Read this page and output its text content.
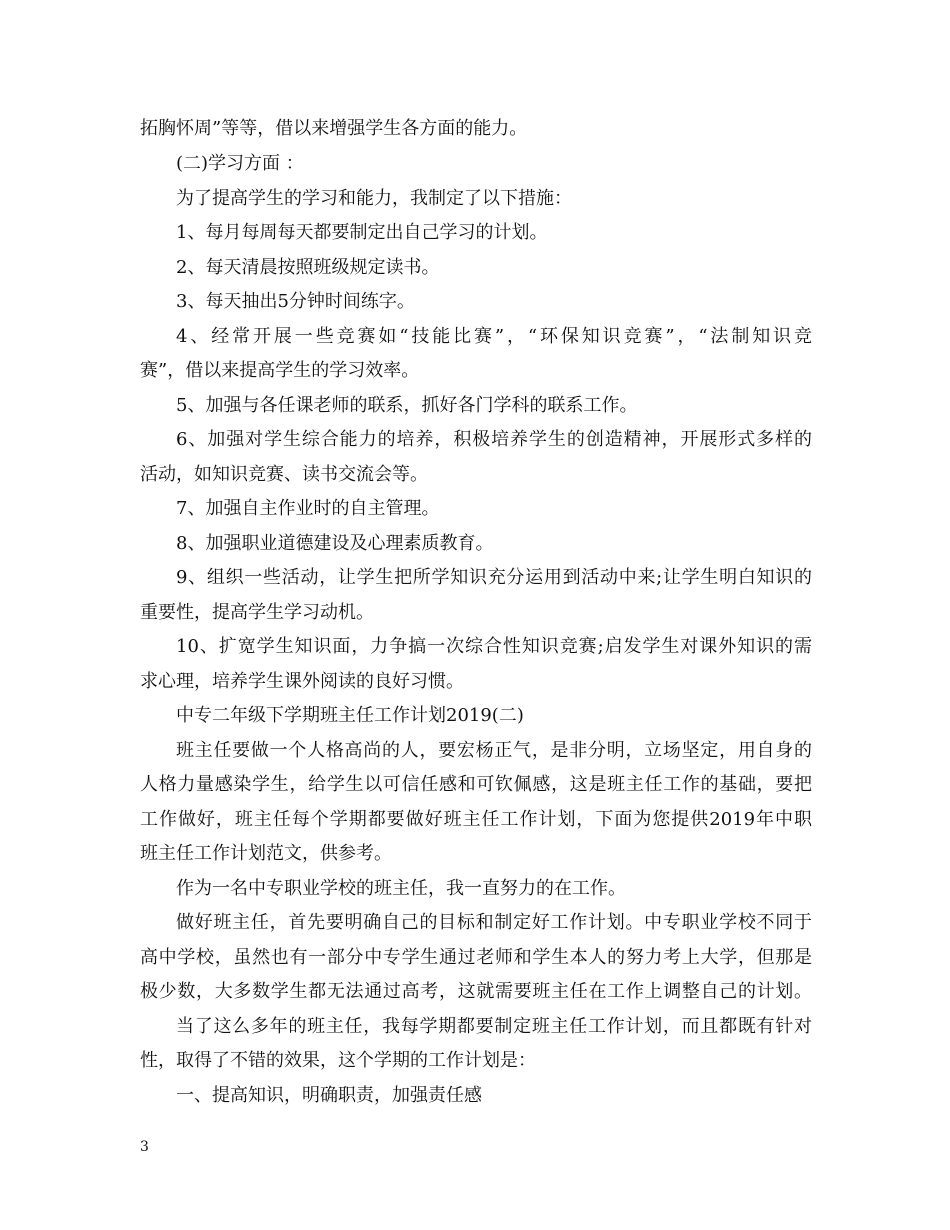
拓胸怀周”等等，借以来增强学生各方面的能力。
(二)学习方面 ：
为了提高学生的学习和能力，我制定了以下措施：
1、每月每周每天都要制定出自己学习的计划。
2、每天清晨按照班级规定读书。
3、每天抽出5分钟时间练字。
4、经常开展一些竞赛如“技能比赛”，“环保知识竞赛”，“法制知识竞
赛”，借以来提高学生的学习效率。
5、加强与各任课老师的联系，抓好各门学科的联系工作。
6、加强对学生综合能力的培养，积极培养学生的创造精神，开展形式多样的
活动，如知识竞赛、读书交流会等。
7、加强自主作业时的自主管理。
8、加强职业道德建设及心理素质教育。
9、组织一些活动，让学生把所学知识充分运用到活动中来;让学生明白知识的
重要性，提高学生学习动机。
10、扩宽学生知识面，力争搞一次综合性知识竞赛;启发学生对课外知识的需
求心理，培养学生课外阅读的良好习惯。
中专二年级下学期班主任工作计划2019(二)
班主任要做一个人格高尚的人，要宏杨正气，是非分明，立场坚定，用自身的
人格力量感染学生，给学生以可信任感和可钦佩感，这是班主任工作的基础，要把
工作做好，班主任每个学期都要做好班主任工作计划，下面为您提供2019年中职
班主任工作计划范文，供参考。
作为一名中专职业学校的班主任，我一直努力的在工作。
做好班主任，首先要明确自己的目标和制定好工作计划。中专职业学校不同于
高中学校，虽然也有一部分中专学生通过老师和学生本人的努力考上大学，但那是
极少数，大多数学生都无法通过高考，这就需要班主任在工作上调整自己的计划。
当了这么多年的班主任，我每学期都要制定班主任工作计划，而且都既有针对
性，取得了不错的效果，这个学期的工作计划是：
一、提高知识，明确职责，加强责任感
3
